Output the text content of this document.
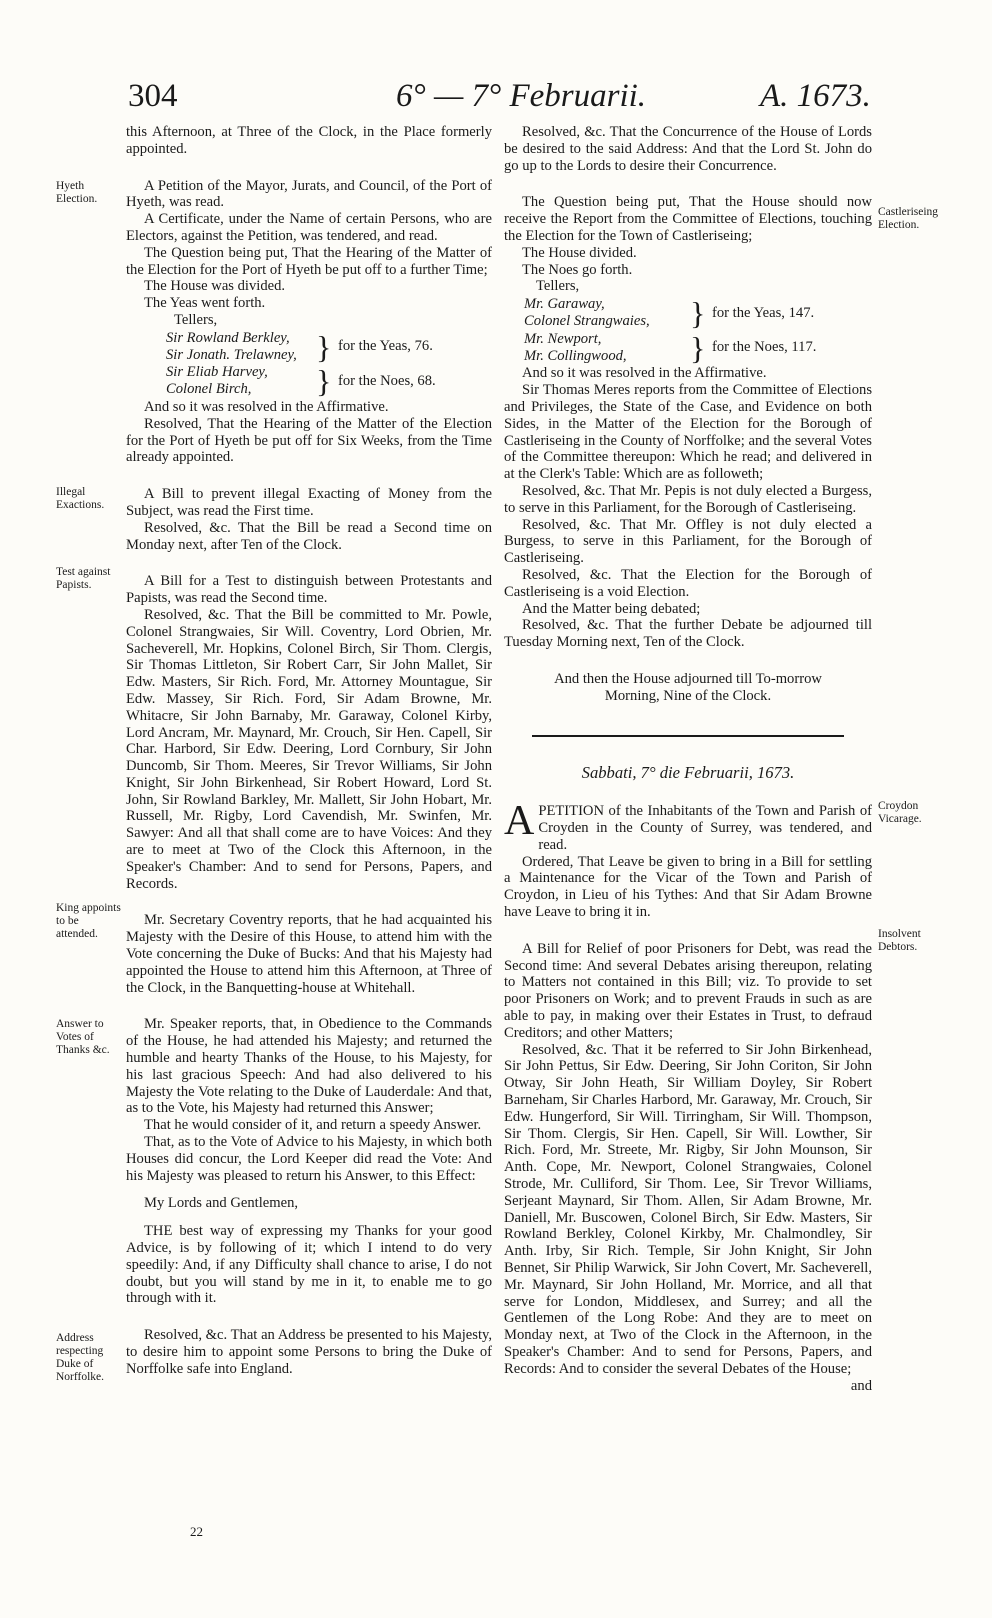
304	6° — 7° Februarii.	A. 1673.
Hyeth Election.
Illegal Exactions.
Test against Papists.
King appoints to be attended.
Answer to Votes of Thanks &c.
Address respecting Duke of Norffolke.
Castleriseing Election.
Croydon Vicarage.
Insolvent Debtors.

this Afternoon, at Three of the Clock, in the Place formerly appointed.

A Petition of the Mayor, Jurats, and Council, of the Port of Hyeth, was read.

A Certificate, under the Name of certain Persons, who are Electors, against the Petition, was tendered, and read.

The Question being put, That the Hearing of the Matter of the Election for the Port of Hyeth be put off to a further Time;

The House was divided.

The Yeas went forth.

Tellers,

Sir Rowland Berkley,
Sir Jonath. Trelawney, } for the Yeas, 76.
Sir Eliab Harvey,
Colonel Birch,	} for the Noes, 68.

And so it was resolved in the Affirmative.

Resolved, That the Hearing of the Matter of the Election for the Port of Hyeth be put off for Six Weeks, from the Time already appointed.

A Bill to prevent illegal Exacting of Money from the Subject, was read the First time.

Resolved, &c. That the Bill be read a Second time on Monday next, after Ten of the Clock.

A Bill for a Test to distinguish between Protestants and Papists, was read the Second time.

Resolved, &c. That the Bill be committed to Mr. Powle, Colonel Strangwaies, Sir Will. Coventry, Lord Obrien, Mr. Sacheverell, Mr. Hopkins, Colonel Birch, Sir Thom. Clergis, Sir Thomas Littleton, Sir Robert Carr, Sir John Mallet, Sir Edw. Masters, Sir Rich. Ford, Mr. Attorney Mountague, Sir Edw. Massey, Sir Rich. Ford, Sir Adam Browne, Mr. Whitacre, Sir John Barnaby, Mr. Garaway, Colonel Kirby, Lord Ancram, Mr. Maynard, Mr. Crouch, Sir Hen. Capell, Sir Char. Harbord, Sir Edw. Deering, Lord Cornbury, Sir John Duncomb, Sir Thom. Meeres, Sir Trevor Williams, Sir John Knight, Sir John Birkenhead, Sir Robert Howard, Lord St. John, Sir Rowland Barkley, Mr. Mallett, Sir John Hobart, Mr. Russell, Mr. Rigby, Lord Cavendish, Mr. Swinfen, Mr. Sawyer: And all that shall come are to have Voices: And they are to meet at Two of the Clock this Afternoon, in the Speaker's Chamber: And to send for Persons, Papers, and Records.

Mr. Secretary Coventry reports, that he had acquainted his Majesty with the Desire of this House, to attend him with the Vote concerning the Duke of Bucks: And that his Majesty had appointed the House to attend him this Afternoon, at Three of the Clock, in the Banquetting-house at Whitehall.

Mr. Speaker reports, that, in Obedience to the Commands of the House, he had attended his Majesty; and returned the humble and hearty Thanks of the House, to his Majesty, for his last gracious Speech: And had also delivered to his Majesty the Vote relating to the Duke of Lauderdale: And that, as to the Vote, his Majesty had returned this Answer;

That he would consider of it, and return a speedy Answer.

That, as to the Vote of Advice to his Majesty, in which both Houses did concur, the Lord Keeper did read the Vote: And his Majesty was pleased to return his Answer, to this Effect:

My Lords and Gentlemen,

THE best way of expressing my Thanks for your good Advice, is by following of it; which I intend to do very speedily: And, if any Difficulty shall chance to arise, I do not doubt, but you will stand by me in it, to enable me to go through with it.

Resolved, &c. That an Address be presented to his Majesty, to desire him to appoint some Persons to bring the Duke of Norffolke safe into England.

22

Resolved, &c. That the Concurrence of the House of Lords be desired to the said Address: And that the Lord St. John do go up to the Lords to desire their Concurrence.

The Question being put, That the House should now receive the Report from the Committee of Elections, touching the Election for the Town of Castleriseing;

The House divided.

The Noes go forth.

Tellers,

Mr. Garaway,
Colonel Strangwaies,	} for the Yeas, 147.
Mr. Newport,
Mr. Collingwood,	} for the Noes, 117.

And so it was resolved in the Affirmative.

Sir Thomas Meres reports from the Committee of Elections and Privileges, the State of the Case, and Evidence on both Sides, in the Matter of the Election for the Borough of Castleriseing in the County of Norffolke; and the several Votes of the Committee thereupon: Which he read; and delivered in at the Clerk's Table: Which are as followeth;

Resolved, &c. That Mr. Pepis is not duly elected a Burgess, to serve in this Parliament, for the Borough of Castleriseing.

Resolved, &c. That Mr. Offley is not duly elected a Burgess, to serve in this Parliament, for the Borough of Castleriseing.

Resolved, &c. That the Election for the Borough of Castleriseing is a void Election.

And the Matter being debated;

Resolved, &c. That the further Debate be adjourned till Tuesday Morning next, Ten of the Clock.

And then the House adjourned till To-morrow Morning, Nine of the Clock.

Sabbati, 7° die Februarii, 1673.

APETITION of the Inhabitants of the Town and Parish of Croyden in the County of Surrey, was tendered, and read.

Ordered, That Leave be given to bring in a Bill for settling a Maintenance for the Vicar of the Town and Parish of Croydon, in Lieu of his Tythes: And that Sir Adam Browne have Leave to bring it in.

A Bill for Relief of poor Prisoners for Debt, was read the Second time: And several Debates arising thereupon, relating to Matters not contained in this Bill; viz. To provide to set poor Prisoners on Work; and to prevent Frauds in such as are able to pay, in making over their Estates in Trust, to defraud Creditors; and other Matters;

Resolved, &c. That it be referred to Sir John Birkenhead, Sir John Pettus, Sir Edw. Deering, Sir John Coriton, Sir John Otway, Sir John Heath, Sir William Doyley, Sir Robert Barneham, Sir Charles Harbord, Mr. Garaway, Mr. Crouch, Sir Edw. Hungerford, Sir Will. Tirringham, Sir Will. Thompson, Sir Thom. Clergis, Sir Hen. Capell, Sir Will. Lowther, Sir Rich. Ford, Mr. Streete, Mr. Rigby, Sir John Mounson, Sir Anth. Cope, Mr. Newport, Colonel Strangwaies, Colonel Strode, Mr. Culliford, Sir Thom. Lee, Sir Trevor Williams, Serjeant Maynard, Sir Thom. Allen, Sir Adam Browne, Mr. Daniell, Mr. Buscowen, Colonel Birch, Sir Edw. Masters, Sir Rowland Berkley, Colonel Kirkby, Mr. Chalmondley, Sir Anth. Irby, Sir Rich. Temple, Sir John Knight, Sir John Bennet, Sir Philip Warwick, Sir John Covert, Mr. Sacheverell, Mr. Maynard, Sir John Holland, Mr. Morrice, and all that serve for London, Middlesex, and Surrey; and all the Gentlemen of the Long Robe: And they are to meet on Monday next, at Two of the Clock in the Afternoon, in the Speaker's Chamber: And to send for Persons, Papers, and Records: And to consider the several Debates of the House;

and
